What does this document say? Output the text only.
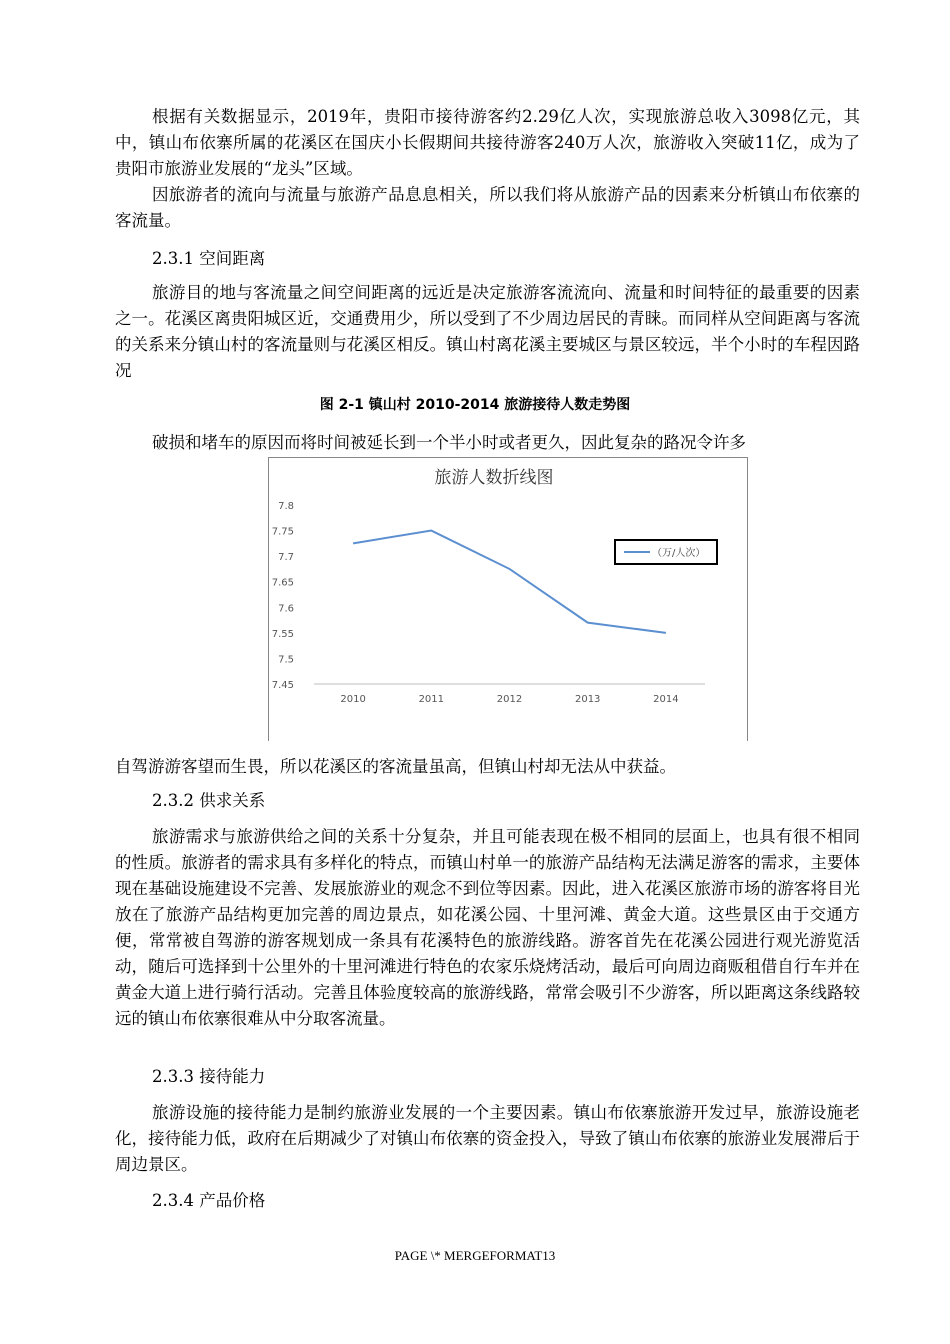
根据有关数据显示，2019年，贵阳市接待游客约2.29亿人次，实现旅游总收入3098亿元，其中，镇山布依寨所属的花溪区在国庆小长假期间共接待游客240万人次，旅游收入突破11亿，成为了贵阳市旅游业发展的“龙头”区域。

因旅游者的流向与流量与旅游产品息息相关，所以我们将从旅游产品的因素来分析镇山布依寨的客流量。

2.3.1 空间距离

旅游目的地与客流量之间空间距离的远近是决定旅游客流流向、流量和时间特征的最重要的因素之一。花溪区离贵阳城区近，交通费用少，所以受到了不少周边居民的青睐。而同样从空间距离与客流的关系来分镇山村的客流量则与花溪区相反。镇山村离花溪主要城区与景区较远，半个小时的车程因路况

图 2-1 镇山村 2010-2014 旅游接待人数走势图

破损和堵车的原因而将时间被延长到一个半小时或者更久，因此复杂的路况令许多

旅游人数折线图
7.45
7.5
7.55
7.6
7.65
7.7
7.75
7.8
2010	2011	2012	2013	2014
（万/人次）

自驾游游客望而生畏，所以花溪区的客流量虽高，但镇山村却无法从中获益。

2.3.2 供求关系

旅游需求与旅游供给之间的关系十分复杂，并且可能表现在极不相同的层面上，也具有很不相同的性质。旅游者的需求具有多样化的特点，而镇山村单一的旅游产品结构无法满足游客的需求，主要体现在基础设施建设不完善、发展旅游业的观念不到位等因素。因此，进入花溪区旅游市场的游客将目光放在了旅游产品结构更加完善的周边景点，如花溪公园、十里河滩、黄金大道。这些景区由于交通方便，常常被自驾游的游客规划成一条具有花溪特色的旅游线路。游客首先在花溪公园进行观光游览活动，随后可选择到十公里外的十里河滩进行特色的农家乐烧烤活动，最后可向周边商贩租借自行车并在黄金大道上进行骑行活动。完善且体验度较高的旅游线路，常常会吸引不少游客，所以距离这条线路较远的镇山布依寨很难从中分取客流量。

2.3.3 接待能力

旅游设施的接待能力是制约旅游业发展的一个主要因素。镇山布依寨旅游开发过早，旅游设施老化，接待能力低，政府在后期减少了对镇山布依寨的资金投入，导致了镇山布依寨的旅游业发展滞后于周边景区。

2.3.4 产品价格

PAGE \* MERGEFORMAT13
